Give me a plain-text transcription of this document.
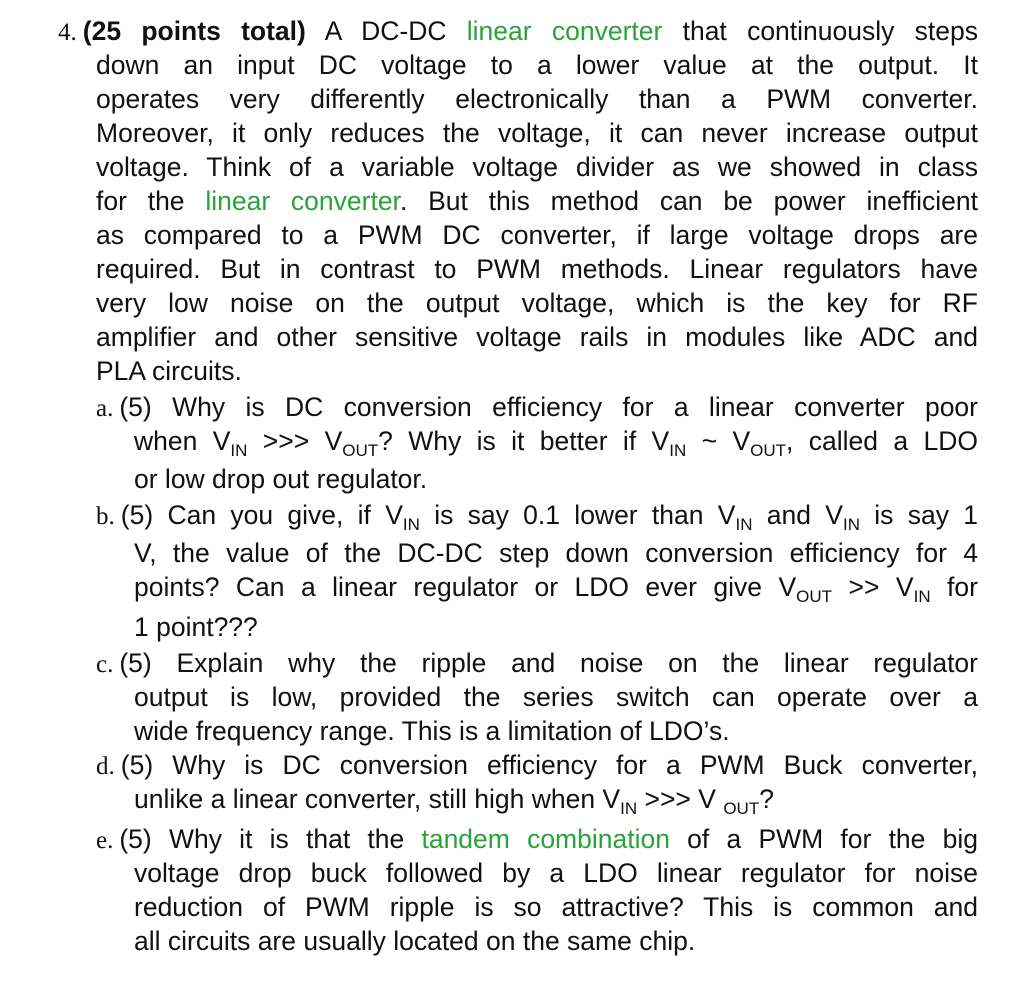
4. (25 points total) A DC-DC linear converter that continuously steps
down an input DC voltage to a lower value at the output. It
operates very differently electronically than a PWM converter.
Moreover, it only reduces the voltage, it can never increase output
voltage. Think of a variable voltage divider as we showed in class
for the linear converter. But this method can be power inefficient
as compared to a PWM DC converter, if large voltage drops are
required. But in contrast to PWM methods. Linear regulators have
very low noise on the output voltage, which is the key for RF
amplifier and other sensitive voltage rails in modules like ADC and
PLA circuits.
a. (5) Why is DC conversion efficiency for a linear converter poor
when $V_{IN}$ >>> $V_{OUT}$? Why is it better if $V_{IN}$ ~ $V_{OUT}$, called a LDO
or low drop out regulator.
b. (5) Can you give, if $V_{IN}$ is say 0.1 lower than $V_{IN}$ and $V_{IN}$ is say 1
V, the value of the DC-DC step down conversion efficiency for 4
points? Can a linear regulator or LDO ever give $V_{OUT} >> V_{IN}$ for
1 point???
c. (5) Explain why the ripple and noise on the linear regulator
output is low, provided the series switch can operate over a
wide frequency range. This is a limitation of LDO’s.
d. (5) Why is DC conversion efficiency for a PWM Buck converter,
unlike a linear converter, still high when $V_{IN}$ >>> V $_{OUT}$?
e. (5) Why it is that the tandem combination of a PWM for the big
voltage drop buck followed by a LDO linear regulator for noise
reduction of PWM ripple is so attractive? This is common and
all circuits are usually located on the same chip.
